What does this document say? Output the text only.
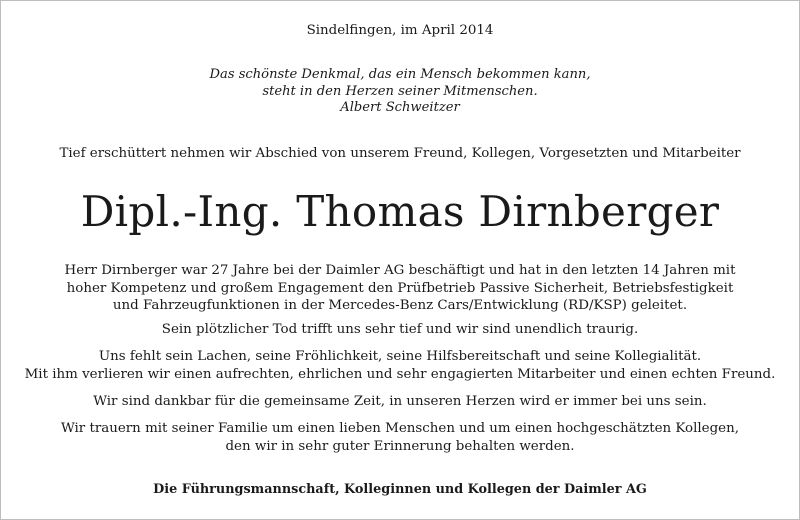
Sindelfingen, im April 2014
Das schönste Denkmal, das ein Mensch bekommen kann,
steht in den Herzen seiner Mitmenschen.
Albert Schweitzer
Tief erschüttert nehmen wir Abschied von unserem Freund, Kollegen, Vorgesetzten und Mitarbeiter
Dipl.-Ing. Thomas Dirnberger
Herr Dirnberger war 27 Jahre bei der Daimler AG beschäftigt und hat in den letzten 14 Jahren mit
hoher Kompetenz und großem Engagement den Prüfbetrieb Passive Sicherheit, Betriebsfestigkeit
und Fahrzeugfunktionen in der Mercedes-Benz Cars/Entwicklung (RD/KSP) geleitet.
Sein plötzlicher Tod trifft uns sehr tief und wir sind unendlich traurig.
Uns fehlt sein Lachen, seine Fröhlichkeit, seine Hilfsbereitschaft und seine Kollegialität.
Mit ihm verlieren wir einen aufrechten, ehrlichen und sehr engagierten Mitarbeiter und einen echten Freund.
Wir sind dankbar für die gemeinsame Zeit, in unseren Herzen wird er immer bei uns sein.
Wir trauern mit seiner Familie um einen lieben Menschen und um einen hochgeschätzten Kollegen,
den wir in sehr guter Erinnerung behalten werden.
Die Führungsmannschaft, Kolleginnen und Kollegen der Daimler AG
